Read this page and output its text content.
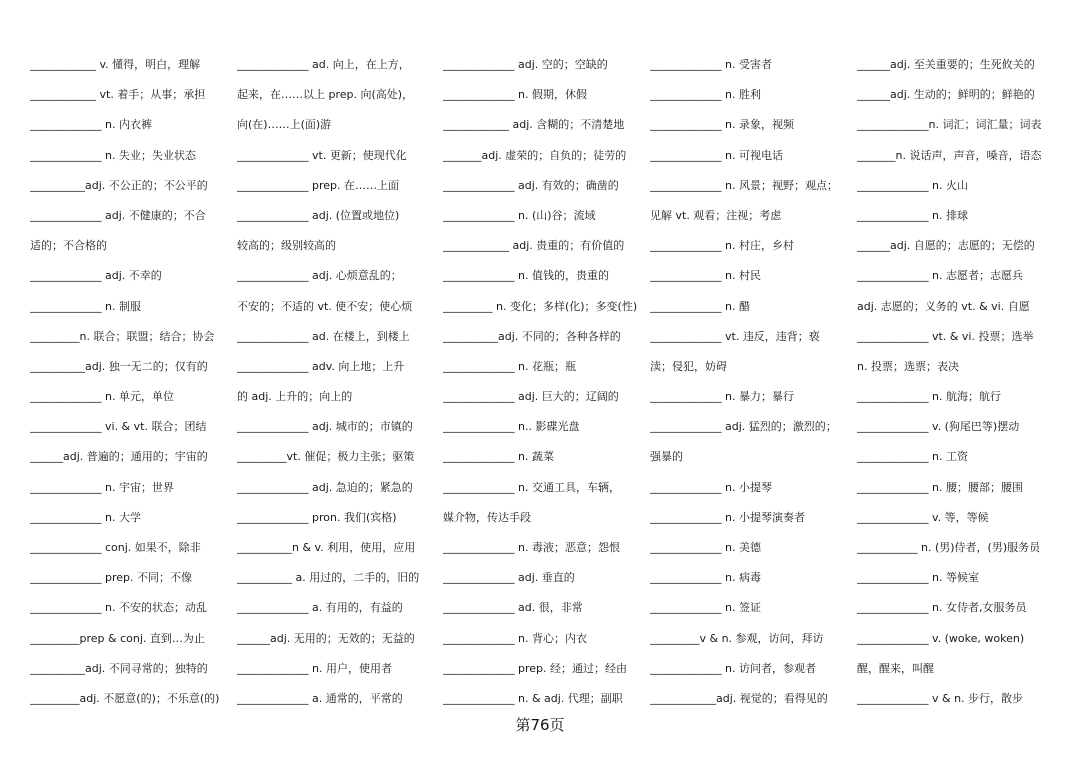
____________ v. 懂得，明白，理解
____________ vt. 着手；从事；承担
_____________ n. 内衣裤
_____________ n. 失业；失业状态
__________adj. 不公正的；不公平的
_____________ adj. 不健康的；不合
适的；不合格的
_____________ adj. 不幸的
_____________ n. 制服
_________n. 联合；联盟；结合；协会
__________adj. 独一无二的；仅有的
_____________ n. 单元，单位
_____________ vi. & vt. 联合；团结
______adj. 普遍的；通用的；宇宙的
_____________ n. 宇宙；世界
_____________ n. 大学
_____________ conj. 如果不，除非
_____________ prep. 不同；不像
_____________ n. 不安的状态；动乱
_________prep & conj. 直到…为止
__________adj. 不同寻常的；独特的
_________adj. 不愿意(的)；不乐意(的)
_____________ ad. 向上，在上方，
起来，在……以上 prep. 向(高处)，
向(在)……上(面)游
_____________ vt. 更新；使现代化
_____________ prep. 在……上面
_____________ adj. (位置或地位)
较高的；级别较高的
_____________ adj. 心烦意乱的；
不安的；不适的 vt. 使不安；使心烦
_____________ ad. 在楼上，到楼上
_____________ adv. 向上地；上升
的 adj. 上升的；向上的
_____________ adj. 城市的；市镇的
_________vt. 催促；极力主张；驱策
_____________ adj. 急迫的；紧急的
_____________ pron. 我们(宾格)
__________n & v. 利用，使用，应用
__________ a. 用过的，二手的，旧的
_____________ a. 有用的，有益的
______adj. 无用的；无效的；无益的
_____________ n. 用户，使用者
_____________ a. 通常的，平常的
_____________ adj. 空的；空缺的
_____________ n. 假期，休假
____________ adj. 含糊的；不清楚地
_______adj. 虚荣的；自负的；徒劳的
_____________ adj. 有效的；确凿的
_____________ n. (山)谷；流域
____________ adj. 贵重的；有价值的
_____________ n. 值钱的，贵重的
_________ n. 变化；多样(化)；多变(性)
__________adj. 不同的；各种各样的
_____________ n. 花瓶；瓶
_____________ adj. 巨大的；辽阔的
_____________ n.. 影碟光盘
_____________ n. 蔬菜
_____________ n. 交通工具，车辆，
媒介物，传达手段
_____________ n. 毒液；恶意；怨恨
_____________ adj. 垂直的
_____________ ad. 很，非常
_____________ n. 背心；内衣
_____________ prep. 经；通过；经由
_____________ n. & adj. 代理；副职
_____________ n. 受害者
_____________ n. 胜利
_____________ n. 录象，视频
_____________ n. 可视电话
_____________ n. 风景；视野；观点；
见解 vt. 观看；注视；考虑
_____________ n. 村庄，乡村
_____________ n. 村民
_____________ n. 醋
_____________ vt. 违反，违背；亵
渎；侵犯，妨碍
_____________ n. 暴力；暴行
_____________ adj. 猛烈的；激烈的；
强暴的
_____________ n. 小提琴
_____________ n. 小提琴演奏者
_____________ n. 美德
_____________ n. 病毒
_____________ n. 签证
_________v & n. 参观，访问，拜访
_____________ n. 访问者，参观者
____________adj. 视觉的；看得见的
______adj. 至关重要的；生死攸关的
______adj. 生动的；鲜明的；鲜艳的
_____________n. 词汇；词汇量；词表
_______n. 说话声，声音，嗓音，语态
_____________ n. 火山
_____________ n. 排球
______adj. 自愿的；志愿的；无偿的
_____________ n. 志愿者；志愿兵
adj. 志愿的；义务的 vt. & vi. 自愿
_____________ vt. & vi. 投票；选举
n. 投票；选票；表决
_____________ n. 航海；航行
_____________ v. (狗尾巴等)摆动
_____________ n. 工资
_____________ n. 腰；腰部；腰围
_____________ v. 等，等候
___________ n. (男)侍者，(男)服务员
_____________ n. 等候室
_____________ n. 女侍者,女服务员
_____________ v. (woke, woken)
醒，醒来，叫醒
_____________ v & n. 步行，散步
第76页
